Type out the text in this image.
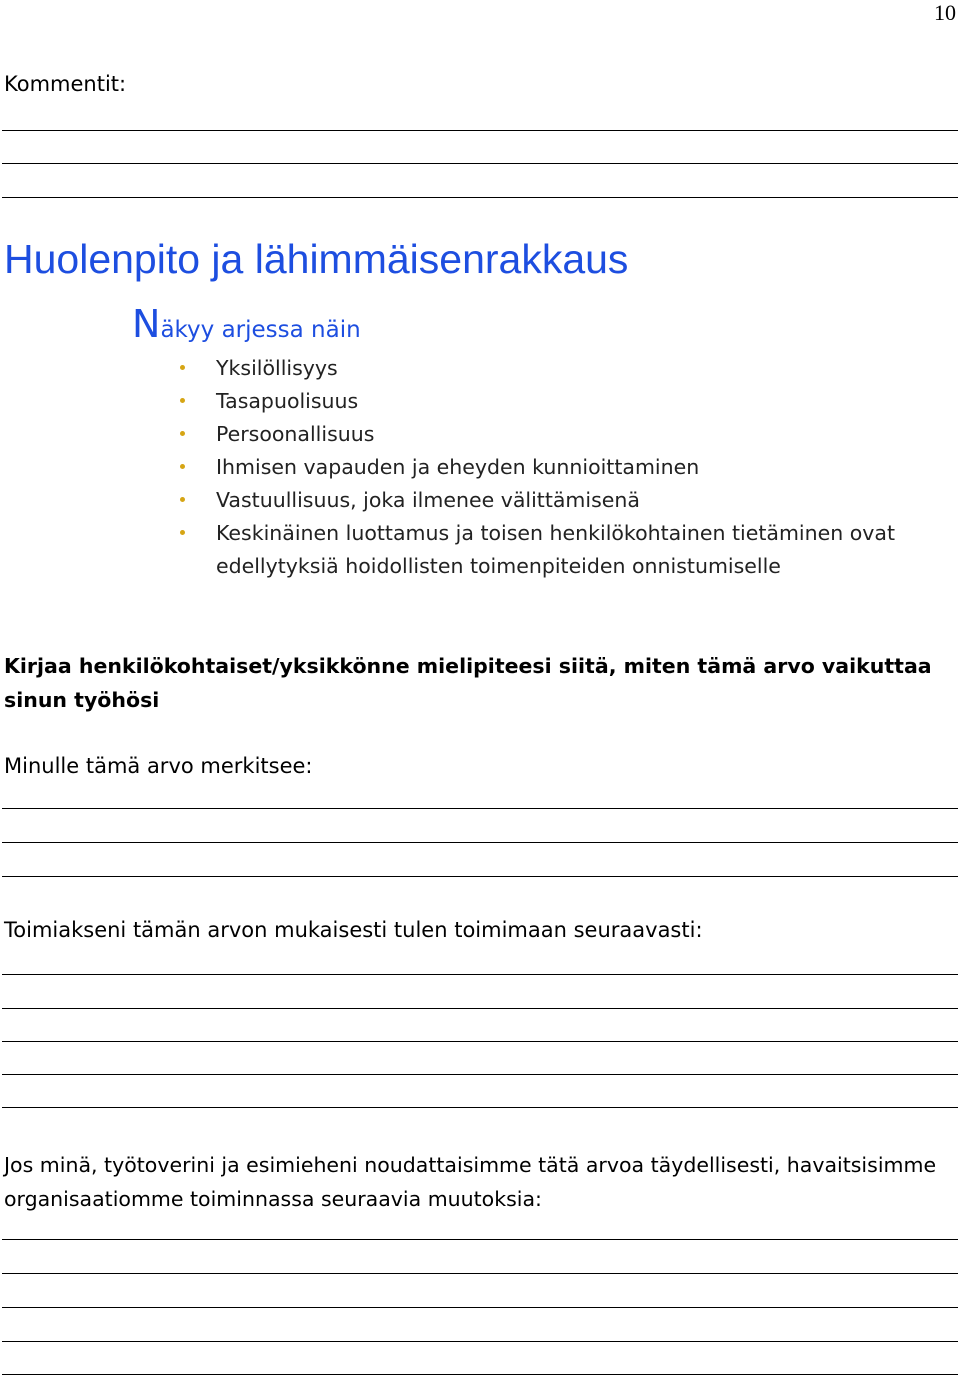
10
Kommentit:
Huolenpito ja lähimmäisenrakkaus
Näkyy arjessa näin
Yksilöllisyys
Tasapuolisuus
Persoonallisuus
Ihmisen vapauden ja eheyden kunnioittaminen
Vastuullisuus, joka ilmenee välittämisenä
Keskinäinen luottamus ja toisen henkilökohtainen tietäminen ovat edellytyksiä hoidollisten toimenpiteiden onnistumiselle
Kirjaa henkilökohtaiset/yksikkönne mielipiteesi siitä, miten tämä arvo vaikuttaa sinun työhösi
Minulle tämä arvo merkitsee:
Toimiakseni tämän arvon mukaisesti tulen toimimaan seuraavasti:
Jos minä, työtoverini ja esimieheni noudattaisimme tätä arvoa täydellisesti, havaitsisimme organisaatiomme toiminnassa seuraavia muutoksia:
